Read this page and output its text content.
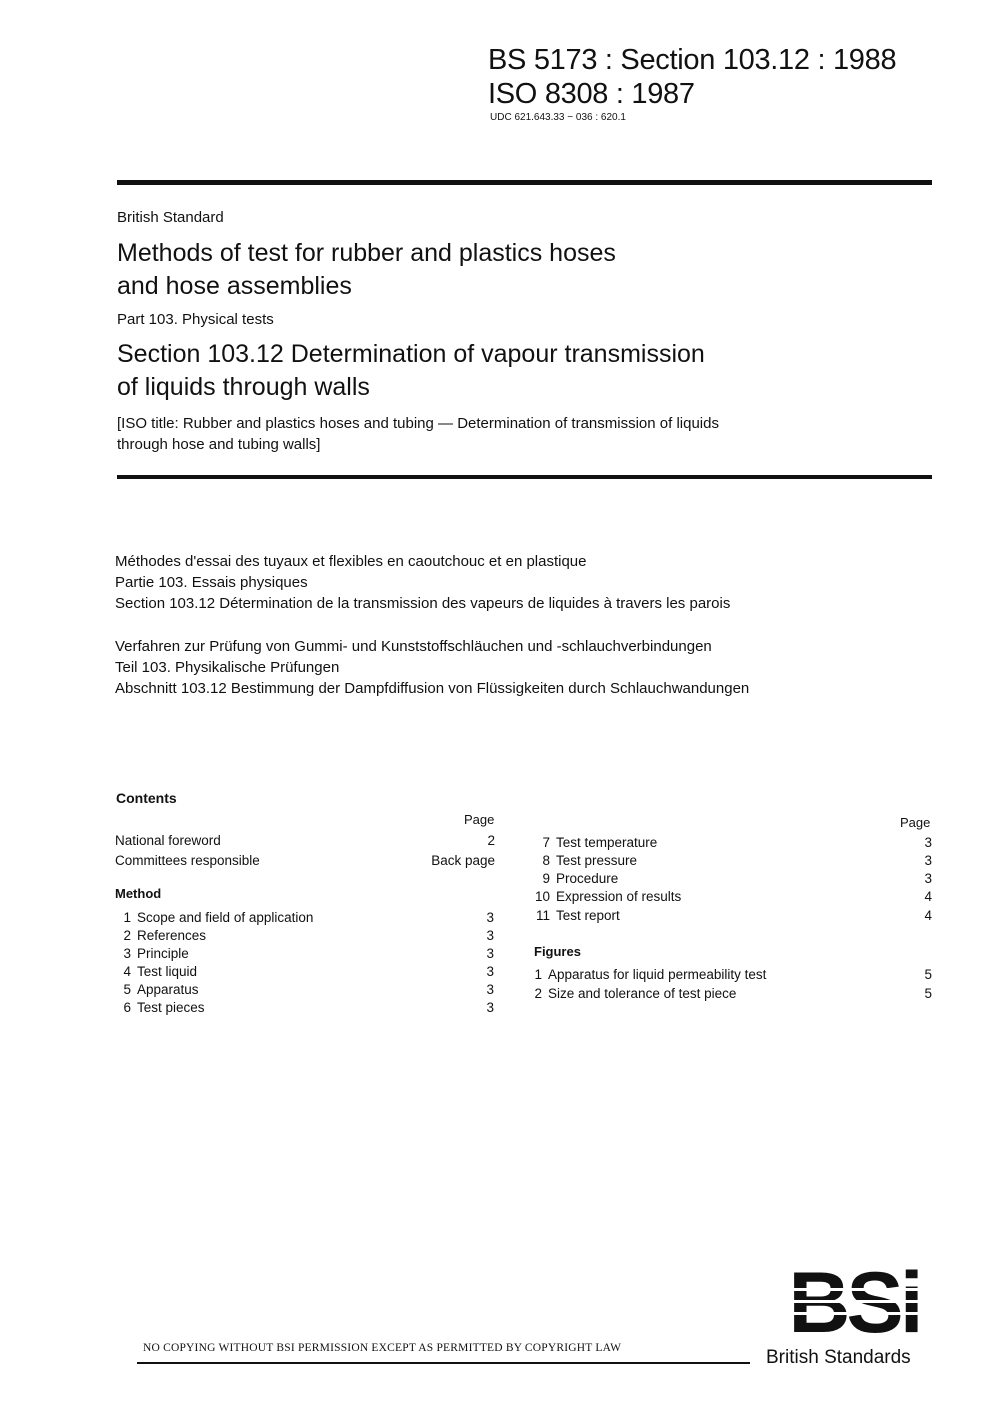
BS 5173 : Section 103.12 : 1988
ISO 8308 : 1987
UDC 621.643.33 − 036 : 620.1
British Standard
Methods of test for rubber and plastics hoses
and hose assemblies
Part 103. Physical tests
Section 103.12 Determination of vapour transmission
of liquids through walls
[ISO title: Rubber and plastics hoses and tubing — Determination of transmission of liquids
through hose and tubing walls]
Méthodes d'essai des tuyaux et flexibles en caoutchouc et en plastique
Partie 103. Essais physiques
Section 103.12 Détermination de la transmission des vapeurs de liquides à travers les parois
Verfahren zur Prüfung von Gummi- und Kunststoffschläuchen und -schlauchverbindungen
Teil 103. Physikalische Prüfungen
Abschnitt 103.12 Bestimmung der Dampfdiffusion von Flüssigkeiten durch Schlauchwandungen
Contents
Page
National foreword	2
Committees responsible	Back page
Method
1 Scope and field of application	3
2 References	3
3 Principle	3
4 Test liquid	3
5 Apparatus	3
6 Test pieces	3
Page
7 Test temperature	3
8 Test pressure	3
9 Procedure	3
10 Expression of results	4
11 Test report	4
Figures
1 Apparatus for liquid permeability test	5
2 Size and tolerance of test piece	5
NO COPYING WITHOUT BSI PERMISSION EXCEPT AS PERMITTED BY COPYRIGHT LAW	British Standards
